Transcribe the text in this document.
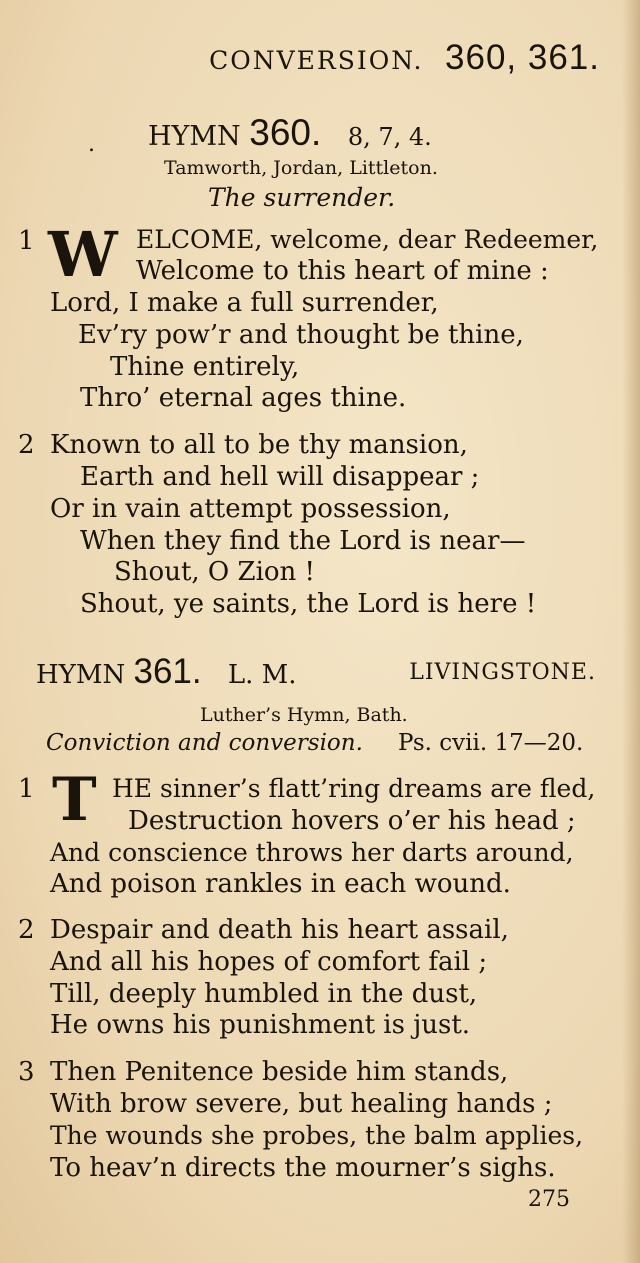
CONVERSION. 360, 361.
. HYMN 360. 8, 7, 4.
Tamworth, Jordan, Littleton.
The surrender.
1 W ELCOME, welcome, dear Redeemer,
Welcome to this heart of mine :
Lord, I make a full surrender,
Ev’ry pow’r and thought be thine,
Thine entirely,
Thro’ eternal ages thine.
2 Known to all to be thy mansion,
Earth and hell will disappear ;
Or in vain attempt possession,
When they find the Lord is near—
Shout, O Zion !
Shout, ye saints, the Lord is here !
HYMN 361. L. M.	LIVINGSTONE.
Luther’s Hymn, Bath.
Conviction and conversion. Ps. cvii. 17—20.
1 T HE sinner’s flatt’ring dreams are fled,
Destruction hovers o’er his head ;
And conscience throws her darts around,
And poison rankles in each wound.
2 Despair and death his heart assail,
And all his hopes of comfort fail ;
Till, deeply humbled in the dust,
He owns his punishment is just.
3 Then Penitence beside him stands,
With brow severe, but healing hands ;
The wounds she probes, the balm applies,
To heav’n directs the mourner’s sighs.
275
